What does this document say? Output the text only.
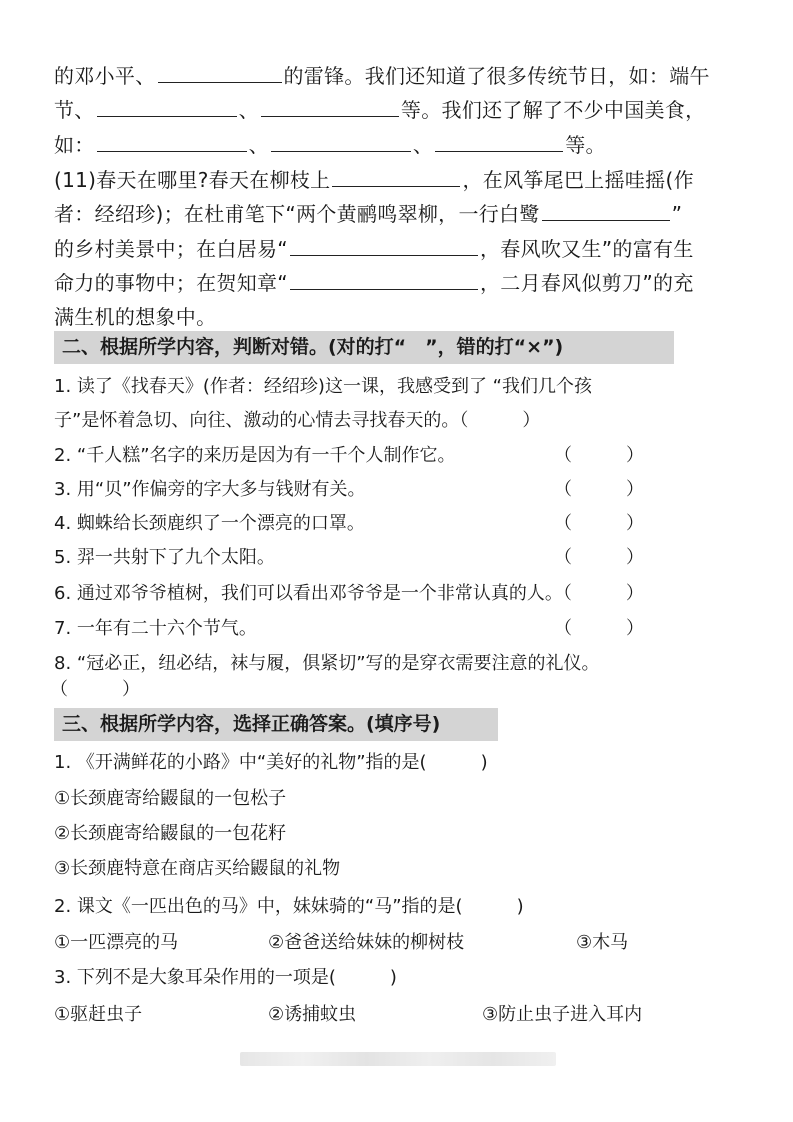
的邓小平、	的雷锋。我们还知道了很多传统节日，如：端午
节、	、	等。我们还了解了不少中国美食，
如：	、	、	等。
(11)春天在哪里?春天在柳枝上	，在风筝尾巴上摇哇摇(作
者：经绍珍)；在杜甫笔下“两个黄鹂鸣翠柳，一行白鹭	”
的乡村美景中；在白居易“	，春风吹又生”的富有生
命力的事物中；在贺知章“	，二月春风似剪刀”的充
满生机的想象中。
二、根据所学内容，判断对错。(对的打“　”，错的打“×”)
1. 读了《找春天》(作者：经绍珍)这一课，我感受到了 “我们几个孩
子”是怀着急切、向往、激动的心情去寻找春天的。（　　　）
2. “千人糕”名字的来历是因为有一千个人制作它。	（　　　）
3. 用“贝”作偏旁的字大多与钱财有关。	（　　　）
4. 蜘蛛给长颈鹿织了一个漂亮的口罩。	（　　　）
5. 羿一共射下了九个太阳。	（　　　）
6. 通过邓爷爷植树，我们可以看出邓爷爷是一个非常认真的人。（　　　）
7. 一年有二十六个节气。	（　　　）
8. “冠必正，纽必结，袜与履，俱紧切”写的是穿衣需要注意的礼仪。
（　　　）
三、根据所学内容，选择正确答案。(填序号)
1. 《开满鲜花的小路》中“美好的礼物”指的是(　　　)
①长颈鹿寄给鼹鼠的一包松子
②长颈鹿寄给鼹鼠的一包花籽
③长颈鹿特意在商店买给鼹鼠的礼物
2. 课文《一匹出色的马》中，妹妹骑的“马”指的是(　　　)
①一匹漂亮的马	②爸爸送给妹妹的柳树枝	③木马
3. 下列不是大象耳朵作用的一项是(　　　)
①驱赶虫子	②诱捕蚊虫	③防止虫子进入耳内
